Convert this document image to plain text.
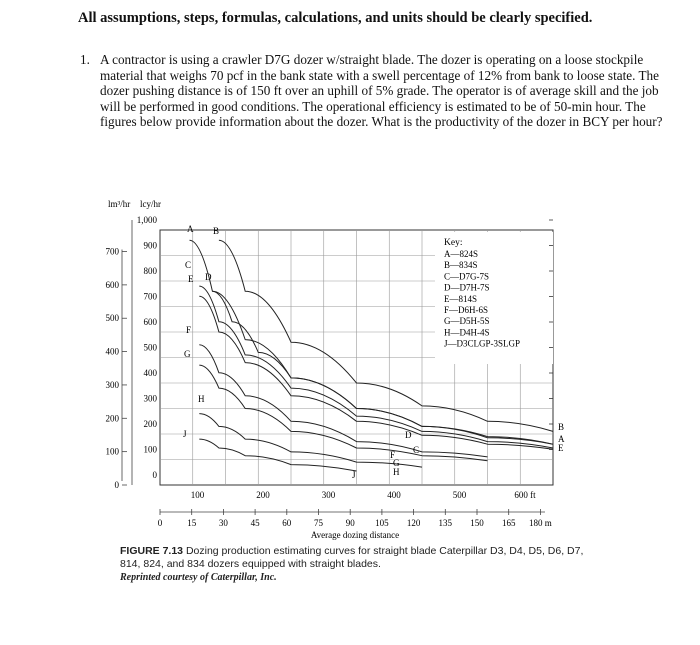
All assumptions, steps, formulas, calculations, and units should be clearly specified.
1. A contractor is using a crawler D7G dozer w/straight blade. The dozer is operating on a loose stockpile material that weighs 70 pcf in the bank state with a swell percentage of 12% from bank to loose state. The dozer pushing distance is of 150 ft over an uphill of 5% grade. The operator is of average skill and the job will be performed in good conditions. The operational efficiency is estimated to be of 50-min hour. The figures below provide information about the dozer. What is the productivity of the dozer in BCY per hour?
lm³/hr lcy/hr
700
600
500
400
300
200
100
0
1,000
900
800
700
600
500
400
300
200
100
0
100	200	300	400	500	600 ft
0	15	30	45	60	75	90 105 120 135 150 165 180 m
Average dozing distance
A B
C
E D
F
G
H
J	D
C
F
G
H
J
B
A
E
Key:
A—824S
B—834S
C—D7G-7S
D—D7H-7S
E—814S
F—D6H-6S
G—D5H-5S
H—D4H-4S
J—D3CLGP-3SLGP
FIGURE 7.13 Dozing production estimating curves for straight blade Caterpillar D3, D4, D5, D6, D7, 814, 824, and 834 dozers equipped with straight blades.
Reprinted courtesy of Caterpillar, Inc.
